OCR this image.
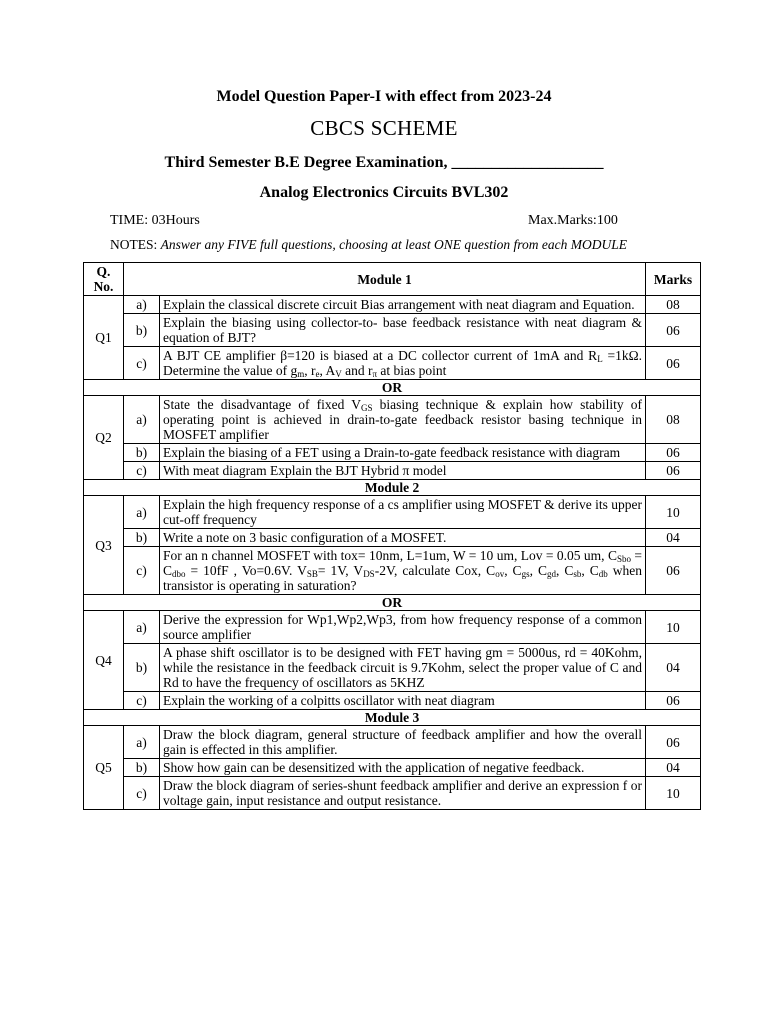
Model Question Paper-I with effect from 2023-24
CBCS SCHEME
Third Semester B.E Degree Examination, ___________________
Analog Electronics Circuits BVL302
TIME: 03Hours	Max.Marks:100
NOTES: Answer any FIVE full questions, choosing at least ONE question from each MODULE
Q. No.	Module 1		Marks
Q1	a)	Explain the classical discrete circuit Bias arrangement with neat diagram and Equation.	08
	b)	Explain the biasing using collector-to- base feedback resistance with neat diagram & equation of BJT?	06
	c)	A BJT CE amplifier β=120 is biased at a DC collector current of 1mA and $R_L =1k\Omega$. Determine the value of $g_m$, $r_e$, $A_V$ and $r_\pi$ at bias point	06
OR			
Q2	a)	State the disadvantage of fixed $V_{GS}$ biasing technique & explain how stability of operating point is achieved in drain-to-gate feedback resistor basing technique in MOSFET amplifier	08
	b)	Explain the biasing of a FET using a Drain-to-gate feedback resistance with diagram	06
	c)	With meat diagram Explain the BJT Hybrid π model	06
Module 2			
Q3	a)	Explain the high frequency response of a cs amplifier using MOSFET & derive its upper cut-off frequency	10
	b)	Write a note on 3 basic configuration of a MOSFET.	04
	c)	For an n channel MOSFET with tox= 10nm, L=1um, W = 10 um, Lov = 0.05 um, $C_{Sbo} = C_{dbo} = 10fF$ , Vo=0.6V. $V_{SB}= 1V$, $V_{DS}-2V$, calculate Cox, $C_{ov}$, $C_{gs}$, $C_{gd}$, $C_{sb}$, $C_{db}$ when transistor is operating in saturation?	06
OR			
Q4	a)	Derive the expression for Wp1,Wp2,Wp3, from how frequency response of a common source amplifier	10
	b)	A phase shift oscillator is to be designed with FET having gm = 5000us, rd = 40Kohm, while the resistance in the feedback circuit is 9.7Kohm, select the proper value of C and Rd to have the frequency of oscillators as 5KHZ	04
	c)	Explain the working of a colpitts oscillator with neat diagram	06
Module 3			
Q5	a)	Draw the block diagram, general structure of feedback amplifier and how the overall gain is effected in this amplifier.	06
	b)	Show how gain can be desensitized with the application of negative feedback.	04
	c)	Draw the block diagram of series-shunt feedback amplifier and derive an expression f or voltage gain, input resistance and output resistance.	10
